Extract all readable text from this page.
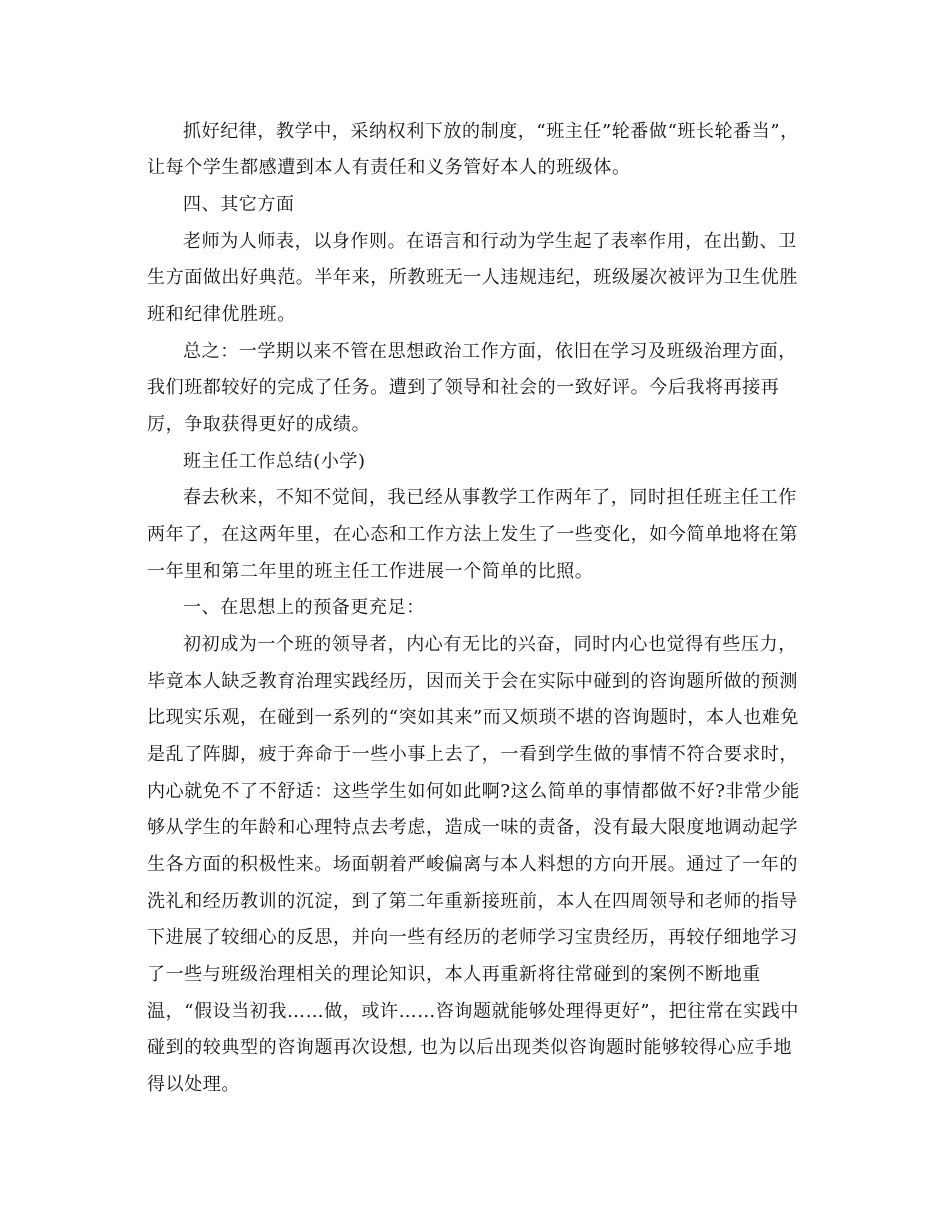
抓好纪律，教学中，采纳权利下放的制度，“班主任”轮番做“班长轮番当”，
让每个学生都感遭到本人有责任和义务管好本人的班级体。
四、其它方面
老师为人师表，以身作则。在语言和行动为学生起了表率作用，在出勤、卫
生方面做出好典范。半年来，所教班无一人违规违纪，班级屡次被评为卫生优胜
班和纪律优胜班。
总之：一学期以来不管在思想政治工作方面，依旧在学习及班级治理方面，
我们班都较好的完成了任务。遭到了领导和社会的一致好评。今后我将再接再
厉，争取获得更好的成绩。
班主任工作总结(小学)
春去秋来，不知不觉间，我已经从事教学工作两年了，同时担任班主任工作
两年了，在这两年里，在心态和工作方法上发生了一些变化，如今简单地将在第
一年里和第二年里的班主任工作进展一个简单的比照。
一、在思想上的预备更充足：
初初成为一个班的领导者，内心有无比的兴奋，同时内心也觉得有些压力，
毕竟本人缺乏教育治理实践经历，因而关于会在实际中碰到的咨询题所做的预测
比现实乐观，在碰到一系列的“突如其来”而又烦琐不堪的咨询题时，本人也难免
是乱了阵脚，疲于奔命于一些小事上去了，一看到学生做的事情不符合要求时，
内心就免不了不舒适：这些学生如何如此啊?这么简单的事情都做不好?非常少能
够从学生的年龄和心理特点去考虑，造成一味的责备，没有最大限度地调动起学
生各方面的积极性来。场面朝着严峻偏离与本人料想的方向开展。通过了一年的
洗礼和经历教训的沉淀，到了第二年重新接班前，本人在四周领导和老师的指导
下进展了较细心的反思，并向一些有经历的老师学习宝贵经历，再较仔细地学习
了一些与班级治理相关的理论知识，本人再重新将往常碰到的案例不断地重
温，“假设当初我……做，或许……咨询题就能够处理得更好”，把往常在实践中
碰到的较典型的咨询题再次设想, 也为以后出现类似咨询题时能够较得心应手地
得以处理。
